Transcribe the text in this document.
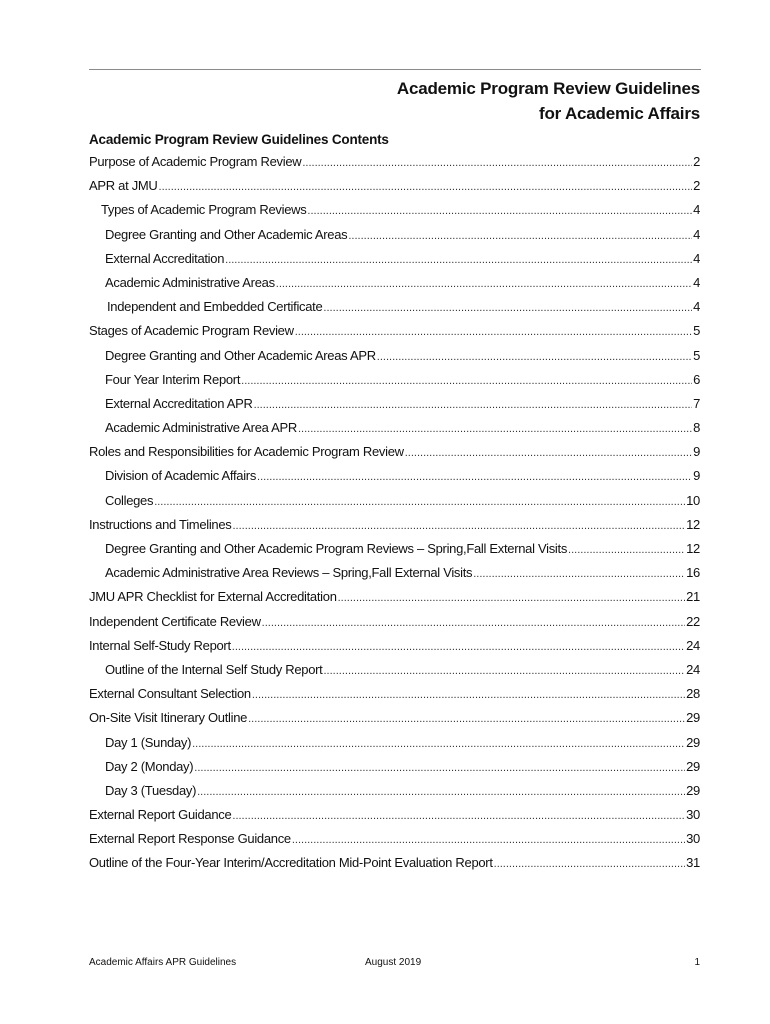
Academic Program Review Guidelines
for Academic Affairs
Academic Program Review Guidelines Contents
Purpose of Academic Program Review .....	2
APR at JMU .....	2
Types of Academic Program Reviews .....	4
Degree Granting and Other Academic Areas .....	4
External Accreditation .....	4
Academic Administrative Areas .....	4
Independent and Embedded Certificate .....	4
Stages of Academic Program Review .....	5
Degree Granting and Other Academic Areas APR .....	5
Four Year Interim Report .....	6
External Accreditation APR .....	7
Academic Administrative Area APR .....	8
Roles and Responsibilities for Academic Program Review .....	9
Division of Academic Affairs .....	9
Colleges .....	10
Instructions and Timelines .....	12
Degree Granting and Other Academic Program Reviews – Spring,Fall External Visits .....	12
Academic Administrative Area Reviews – Spring,Fall External Visits .....	16
JMU APR Checklist for External Accreditation .....	21
Independent Certificate Review .....	22
Internal Self-Study Report .....	24
Outline of the Internal Self Study Report .....	24
External Consultant Selection .....	28
On-Site Visit Itinerary Outline .....	29
Day 1 (Sunday) .....	29
Day 2 (Monday) .....	29
Day 3 (Tuesday) .....	29
External Report Guidance .....	30
External Report Response Guidance .....	30
Outline of the Four-Year Interim/Accreditation Mid-Point Evaluation Report .....	31
Academic Affairs APR Guidelines	August 2019	1
